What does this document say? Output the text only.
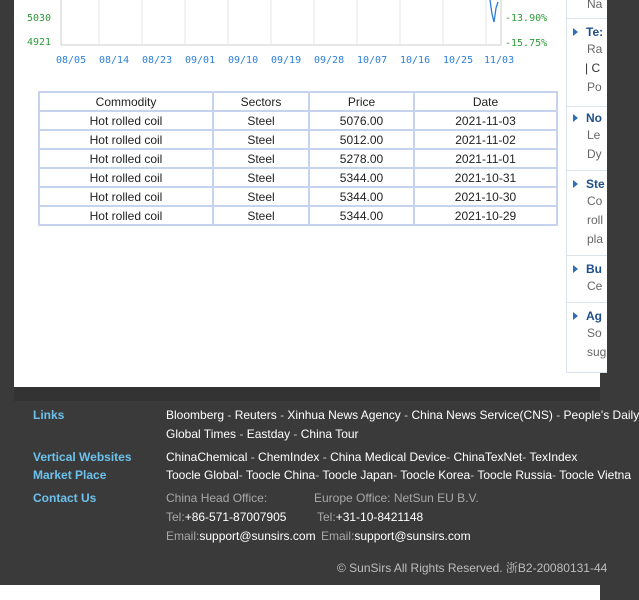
5030
4921
-13.90%
-15.75%
08/05 08/14 08/23 09/01 09/10 09/19 09/28 10/07 10/16 10/25 11/03
Commodity	Sectors	Price	Date
Hot rolled coil	Steel	5076.00	2021-11-03
Hot rolled coil	Steel	5012.00	2021-11-02
Hot rolled coil	Steel	5278.00	2021-11-01
Hot rolled coil	Steel	5344.00	2021-10-31
Hot rolled coil	Steel	5344.00	2021-10-30
Hot rolled coil	Steel	5344.00	2021-10-29
Na
Te:
Ra
| C
Po
No
Le
Dy
Ste
Co
roll
pla
Bu
Ce
Ag
So
sug
Links	Bloomberg - Reuters - Xinhua News Agency - China News Service(CNS) - People's Daily
Global Times - Eastday - China Tour
Vertical Websites	ChinaChemical - ChemIndex - China Medical Device- ChinaTexNet- TexIndex
Market Place	Toocle Global- Toocle China- Toocle Japan- Toocle Korea- Toocle Russia- Toocle Vietna
Contact Us	China Head Office:	Europe Office: NetSun EU B.V.
Tel:+86-571-87007905	Tel:+31-10-8421148
Email:support@sunsirs.com Email:support@sunsirs.com
© SunSirs All Rights Reserved. 浙B2-20080131-44
